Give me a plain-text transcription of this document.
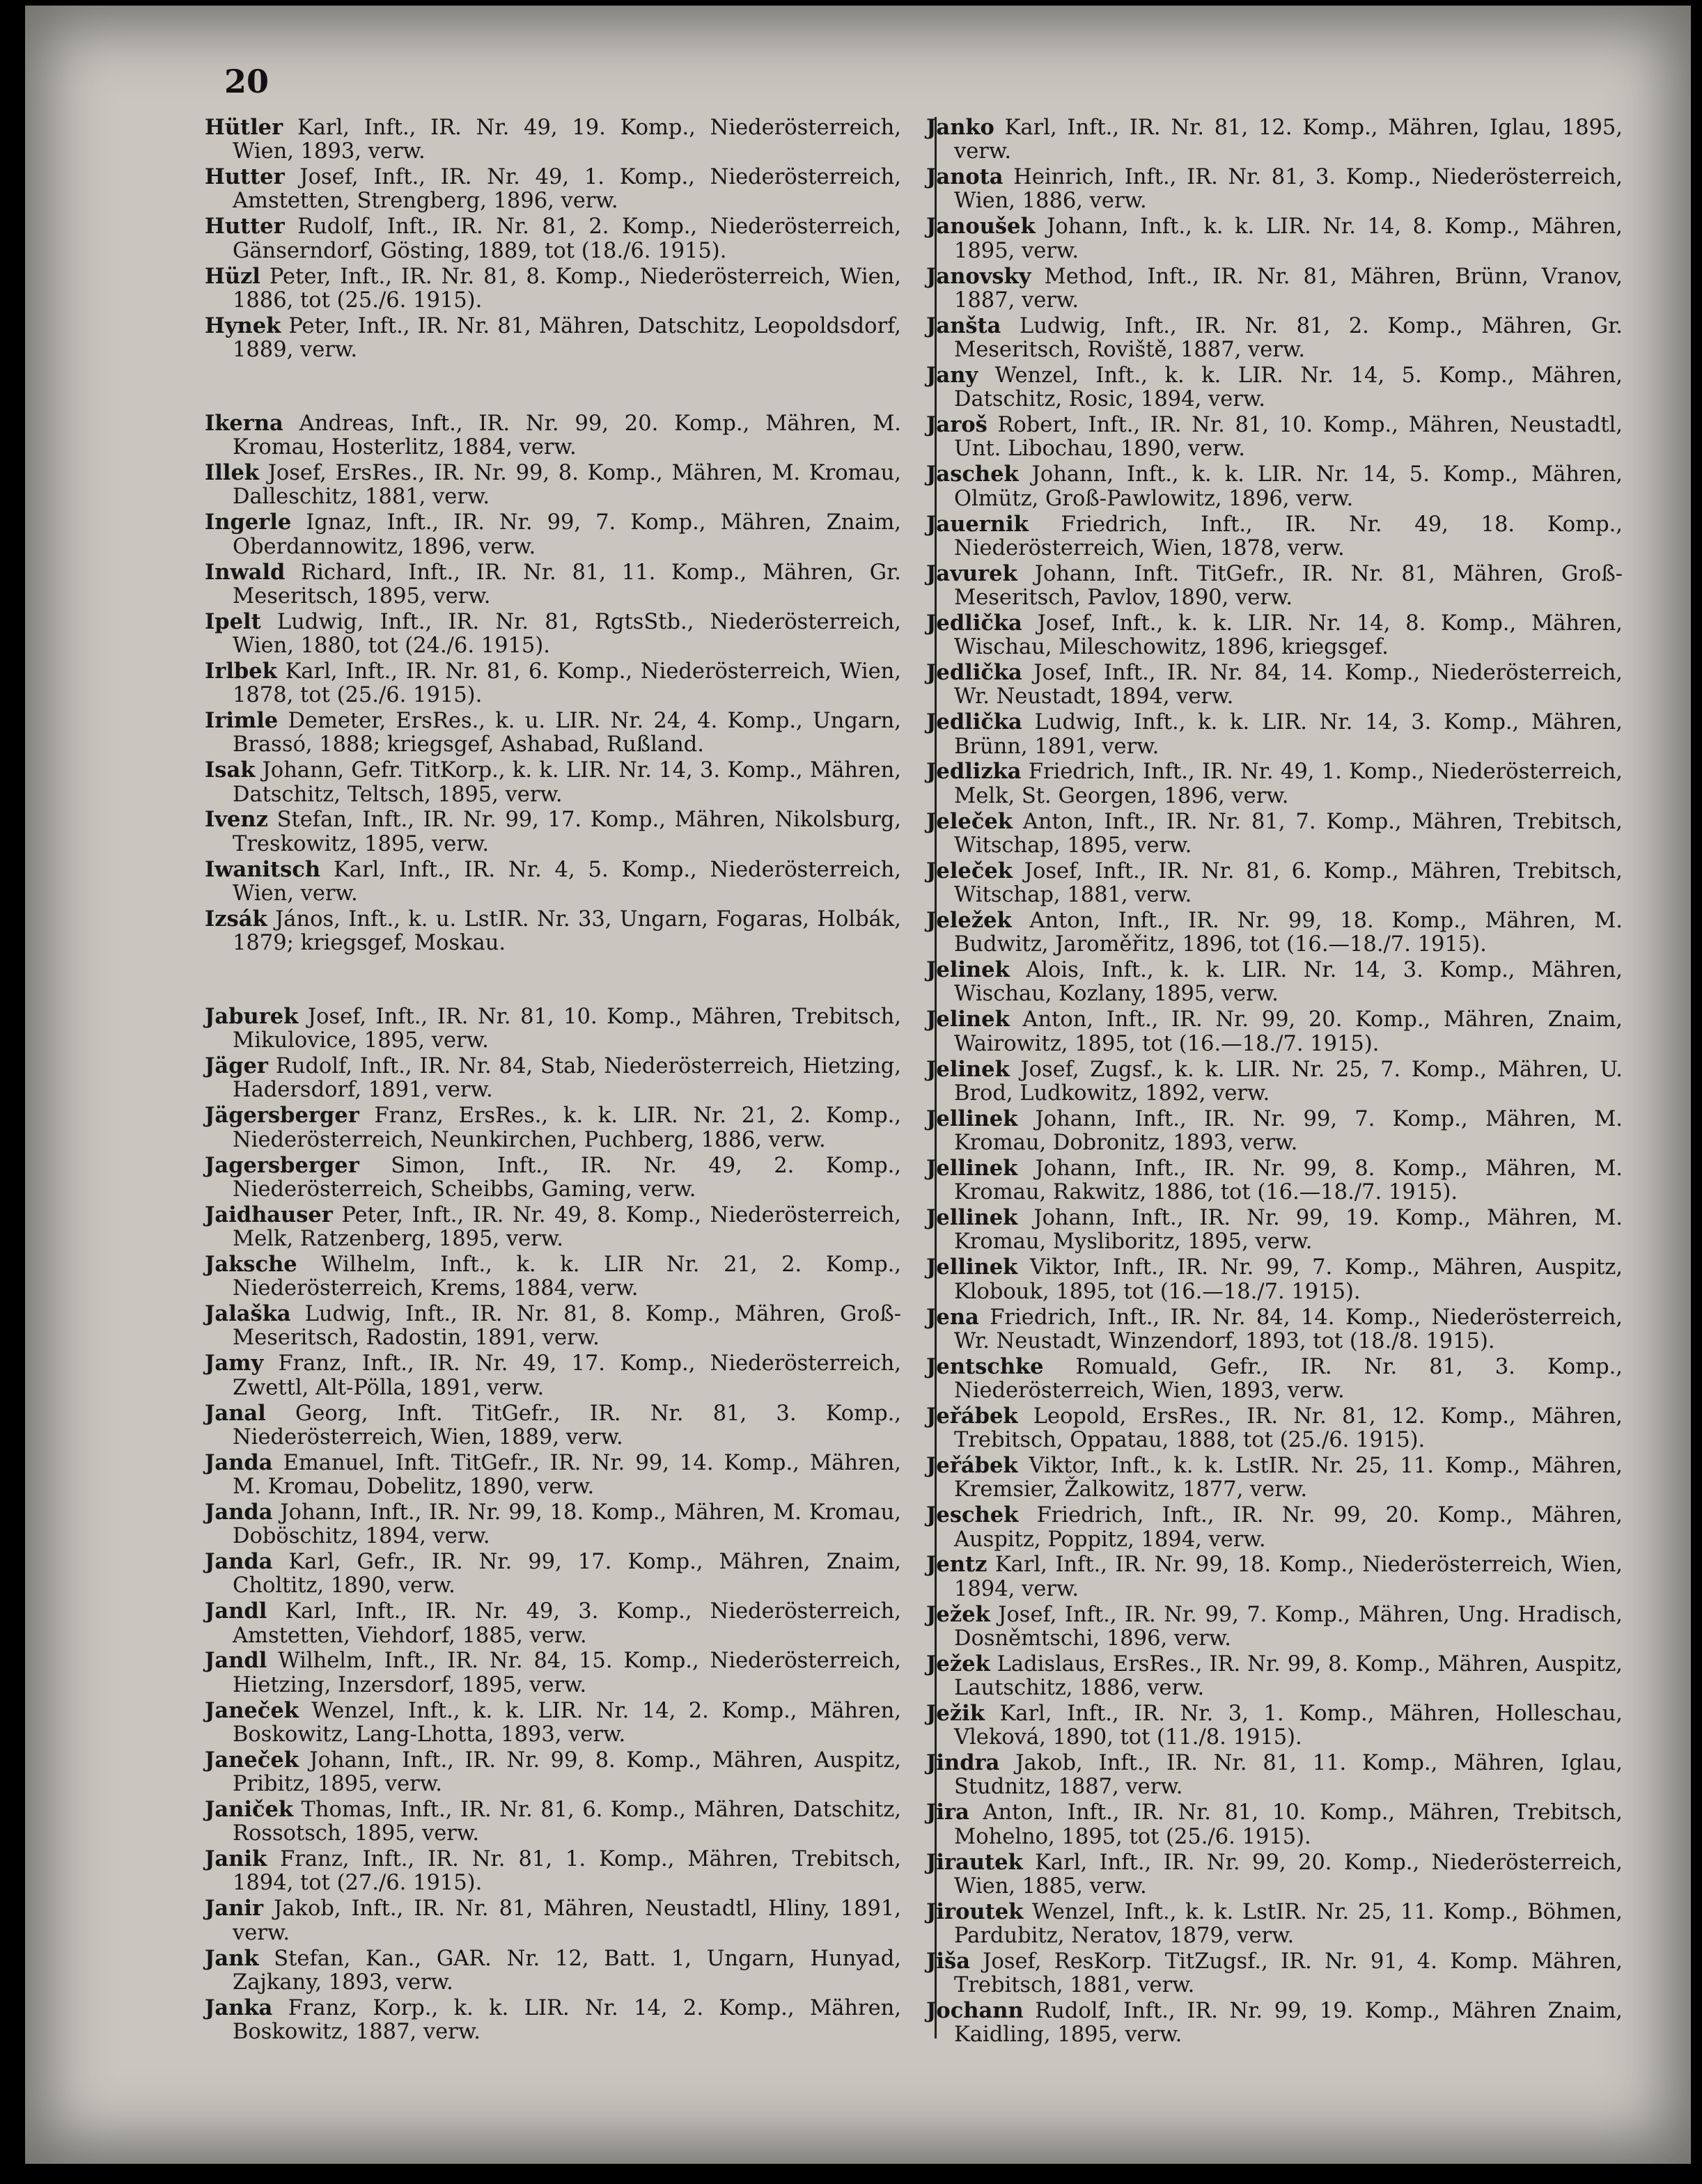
20
Hütler Karl, Inft., IR. Nr. 49, 19. Komp., Niederösterreich, Wien, 1893, verw.
Hutter Josef, Inft., IR. Nr. 49, 1. Komp., Niederösterreich, Amstetten, Strengberg, 1896, verw.
Hutter Rudolf, Inft., IR. Nr. 81, 2. Komp., Niederösterreich, Gänserndorf, Gösting, 1889, tot (18./6. 1915).
Hüzl Peter, Inft., IR. Nr. 81, 8. Komp., Niederösterreich, Wien, 1886, tot (25./6. 1915).
Hynek Peter, Inft., IR. Nr. 81, Mähren, Datschitz, Leopoldsdorf, 1889, verw.
Ikerna Andreas, Inft., IR. Nr. 99, 20. Komp., Mähren, M. Kromau, Hosterlitz, 1884, verw.
Illek Josef, ErsRes., IR. Nr. 99, 8. Komp., Mähren, M. Kromau, Dalleschitz, 1881, verw.
Ingerle Ignaz, Inft., IR. Nr. 99, 7. Komp., Mähren, Znaim, Oberdannowitz, 1896, verw.
Inwald Richard, Inft., IR. Nr. 81, 11. Komp., Mähren, Gr. Meseritsch, 1895, verw.
Ipelt Ludwig, Inft., IR. Nr. 81, RgtsStb., Niederösterreich, Wien, 1880, tot (24./6. 1915).
Irlbek Karl, Inft., IR. Nr. 81, 6. Komp., Niederösterreich, Wien, 1878, tot (25./6. 1915).
Irimle Demeter, ErsRes., k. u. LIR. Nr. 24, 4. Komp., Ungarn, Brassó, 1888; kriegsgef, Ashabad, Rußland.
Isak Johann, Gefr. TitKorp., k. k. LIR. Nr. 14, 3. Komp., Mähren, Datschitz, Teltsch, 1895, verw.
Ivenz Stefan, Inft., IR. Nr. 99, 17. Komp., Mähren, Nikolsburg, Treskowitz, 1895, verw.
Iwanitsch Karl, Inft., IR. Nr. 4, 5. Komp., Niederösterreich, Wien, verw.
Izsák János, Inft., k. u. LstIR. Nr. 33, Ungarn, Fogaras, Holbák, 1879; kriegsgef, Moskau.
Jaburek Josef, Inft., IR. Nr. 81, 10. Komp., Mähren, Trebitsch, Mikulovice, 1895, verw.
Jäger Rudolf, Inft., IR. Nr. 84, Stab, Niederösterreich, Hietzing, Hadersdorf, 1891, verw.
Jägersberger Franz, ErsRes., k. k. LIR. Nr. 21, 2. Komp., Niederösterreich, Neunkirchen, Puchberg, 1886, verw.
Jagersberger Simon, Inft., IR. Nr. 49, 2. Komp., Niederösterreich, Scheibbs, Gaming, verw.
Jaidhauser Peter, Inft., IR. Nr. 49, 8. Komp., Niederösterreich, Melk, Ratzenberg, 1895, verw.
Jaksche Wilhelm, Inft., k. k. LIR Nr. 21, 2. Komp., Niederösterreich, Krems, 1884, verw.
Jalaška Ludwig, Inft., IR. Nr. 81, 8. Komp., Mähren, Groß-Meseritsch, Radostin, 1891, verw.
Jamy Franz, Inft., IR. Nr. 49, 17. Komp., Niederösterreich, Zwettl, Alt-Pölla, 1891, verw.
Janal Georg, Inft. TitGefr., IR. Nr. 81, 3. Komp., Niederösterreich, Wien, 1889, verw.
Janda Emanuel, Inft. TitGefr., IR. Nr. 99, 14. Komp., Mähren, M. Kromau, Dobelitz, 1890, verw.
Janda Johann, Inft., IR. Nr. 99, 18. Komp., Mähren, M. Kromau, Doböschitz, 1894, verw.
Janda Karl, Gefr., IR. Nr. 99, 17. Komp., Mähren, Znaim, Choltitz, 1890, verw.
Jandl Karl, Inft., IR. Nr. 49, 3. Komp., Niederösterreich, Amstetten, Viehdorf, 1885, verw.
Jandl Wilhelm, Inft., IR. Nr. 84, 15. Komp., Niederösterreich, Hietzing, Inzersdorf, 1895, verw.
Janeček Wenzel, Inft., k. k. LIR. Nr. 14, 2. Komp., Mähren, Boskowitz, Lang-Lhotta, 1893, verw.
Janeček Johann, Inft., IR. Nr. 99, 8. Komp., Mähren, Auspitz, Pribitz, 1895, verw.
Janiček Thomas, Inft., IR. Nr. 81, 6. Komp., Mähren, Datschitz, Rossotsch, 1895, verw.
Janik Franz, Inft., IR. Nr. 81, 1. Komp., Mähren, Trebitsch, 1894, tot (27./6. 1915).
Janir Jakob, Inft., IR. Nr. 81, Mähren, Neustadtl, Hliny, 1891, verw.
Jank Stefan, Kan., GAR. Nr. 12, Batt. 1, Ungarn, Hunyad, Zajkany, 1893, verw.
Janka Franz, Korp., k. k. LIR. Nr. 14, 2. Komp., Mähren, Boskowitz, 1887, verw.
Janko Karl, Inft., IR. Nr. 81, 12. Komp., Mähren, Iglau, 1895, verw.
Janota Heinrich, Inft., IR. Nr. 81, 3. Komp., Niederösterreich, Wien, 1886, verw.
Janoušek Johann, Inft., k. k. LIR. Nr. 14, 8. Komp., Mähren, 1895, verw.
Janovsky Method, Inft., IR. Nr. 81, Mähren, Brünn, Vranov, 1887, verw.
Janšta Ludwig, Inft., IR. Nr. 81, 2. Komp., Mähren, Gr. Meseritsch, Roviště, 1887, verw.
Jany Wenzel, Inft., k. k. LIR. Nr. 14, 5. Komp., Mähren, Datschitz, Rosic, 1894, verw.
Jaroš Robert, Inft., IR. Nr. 81, 10. Komp., Mähren, Neustadtl, Unt. Libochau, 1890, verw.
Jaschek Johann, Inft., k. k. LIR. Nr. 14, 5. Komp., Mähren, Olmütz, Groß-Pawlowitz, 1896, verw.
Jauernik Friedrich, Inft., IR. Nr. 49, 18. Komp., Niederösterreich, Wien, 1878, verw.
Javurek Johann, Inft. TitGefr., IR. Nr. 81, Mähren, Groß-Meseritsch, Pavlov, 1890, verw.
Jedlička Josef, Inft., k. k. LIR. Nr. 14, 8. Komp., Mähren, Wischau, Mileschowitz, 1896, kriegsgef.
Jedlička Josef, Inft., IR. Nr. 84, 14. Komp., Niederösterreich, Wr. Neustadt, 1894, verw.
Jedlička Ludwig, Inft., k. k. LIR. Nr. 14, 3. Komp., Mähren, Brünn, 1891, verw.
Jedlizka Friedrich, Inft., IR. Nr. 49, 1. Komp., Niederösterreich, Melk, St. Georgen, 1896, verw.
Jeleček Anton, Inft., IR. Nr. 81, 7. Komp., Mähren, Trebitsch, Witschap, 1895, verw.
Jeleček Josef, Inft., IR. Nr. 81, 6. Komp., Mähren, Trebitsch, Witschap, 1881, verw.
Jeležek Anton, Inft., IR. Nr. 99, 18. Komp., Mähren, M. Budwitz, Jaroměřitz, 1896, tot (16.—18./7. 1915).
Jelinek Alois, Inft., k. k. LIR. Nr. 14, 3. Komp., Mähren, Wischau, Kozlany, 1895, verw.
Jelinek Anton, Inft., IR. Nr. 99, 20. Komp., Mähren, Znaim, Wairowitz, 1895, tot (16.—18./7. 1915).
Jelinek Josef, Zugsf., k. k. LIR. Nr. 25, 7. Komp., Mähren, U. Brod, Ludkowitz, 1892, verw.
Jellinek Johann, Inft., IR. Nr. 99, 7. Komp., Mähren, M. Kromau, Dobronitz, 1893, verw.
Jellinek Johann, Inft., IR. Nr. 99, 8. Komp., Mähren, M. Kromau, Rakwitz, 1886, tot (16.—18./7. 1915).
Jellinek Johann, Inft., IR. Nr. 99, 19. Komp., Mähren, M. Kromau, Mysliboritz, 1895, verw.
Jellinek Viktor, Inft., IR. Nr. 99, 7. Komp., Mähren, Auspitz, Klobouk, 1895, tot (16.—18./7. 1915).
Jena Friedrich, Inft., IR. Nr. 84, 14. Komp., Niederösterreich, Wr. Neustadt, Winzendorf, 1893, tot (18./8. 1915).
Jentschke Romuald, Gefr., IR. Nr. 81, 3. Komp., Niederösterreich, Wien, 1893, verw.
Jeřábek Leopold, ErsRes., IR. Nr. 81, 12. Komp., Mähren, Trebitsch, Oppatau, 1888, tot (25./6. 1915).
Jeřábek Viktor, Inft., k. k. LstIR. Nr. 25, 11. Komp., Mähren, Kremsier, Žalkowitz, 1877, verw.
Jeschek Friedrich, Inft., IR. Nr. 99, 20. Komp., Mähren, Auspitz, Poppitz, 1894, verw.
Jentz Karl, Inft., IR. Nr. 99, 18. Komp., Niederösterreich, Wien, 1894, verw.
Ježek Josef, Inft., IR. Nr. 99, 7. Komp., Mähren, Ung. Hradisch, Dosněmtschi, 1896, verw.
Ježek Ladislaus, ErsRes., IR. Nr. 99, 8. Komp., Mähren, Auspitz, Lautschitz, 1886, verw.
Ježik Karl, Inft., IR. Nr. 3, 1. Komp., Mähren, Holleschau, Vleková, 1890, tot (11./8. 1915).
Jindra Jakob, Inft., IR. Nr. 81, 11. Komp., Mähren, Iglau, Studnitz, 1887, verw.
Jira Anton, Inft., IR. Nr. 81, 10. Komp., Mähren, Trebitsch, Mohelno, 1895, tot (25./6. 1915).
Jirautek Karl, Inft., IR. Nr. 99, 20. Komp., Niederösterreich, Wien, 1885, verw.
Jiroutek Wenzel, Inft., k. k. LstIR. Nr. 25, 11. Komp., Böhmen, Pardubitz, Neratov, 1879, verw.
Jiša Josef, ResKorp. TitZugsf., IR. Nr. 91, 4. Komp. Mähren, Trebitsch, 1881, verw.
Jochann Rudolf, Inft., IR. Nr. 99, 19. Komp., Mähren Znaim, Kaidling, 1895, verw.
